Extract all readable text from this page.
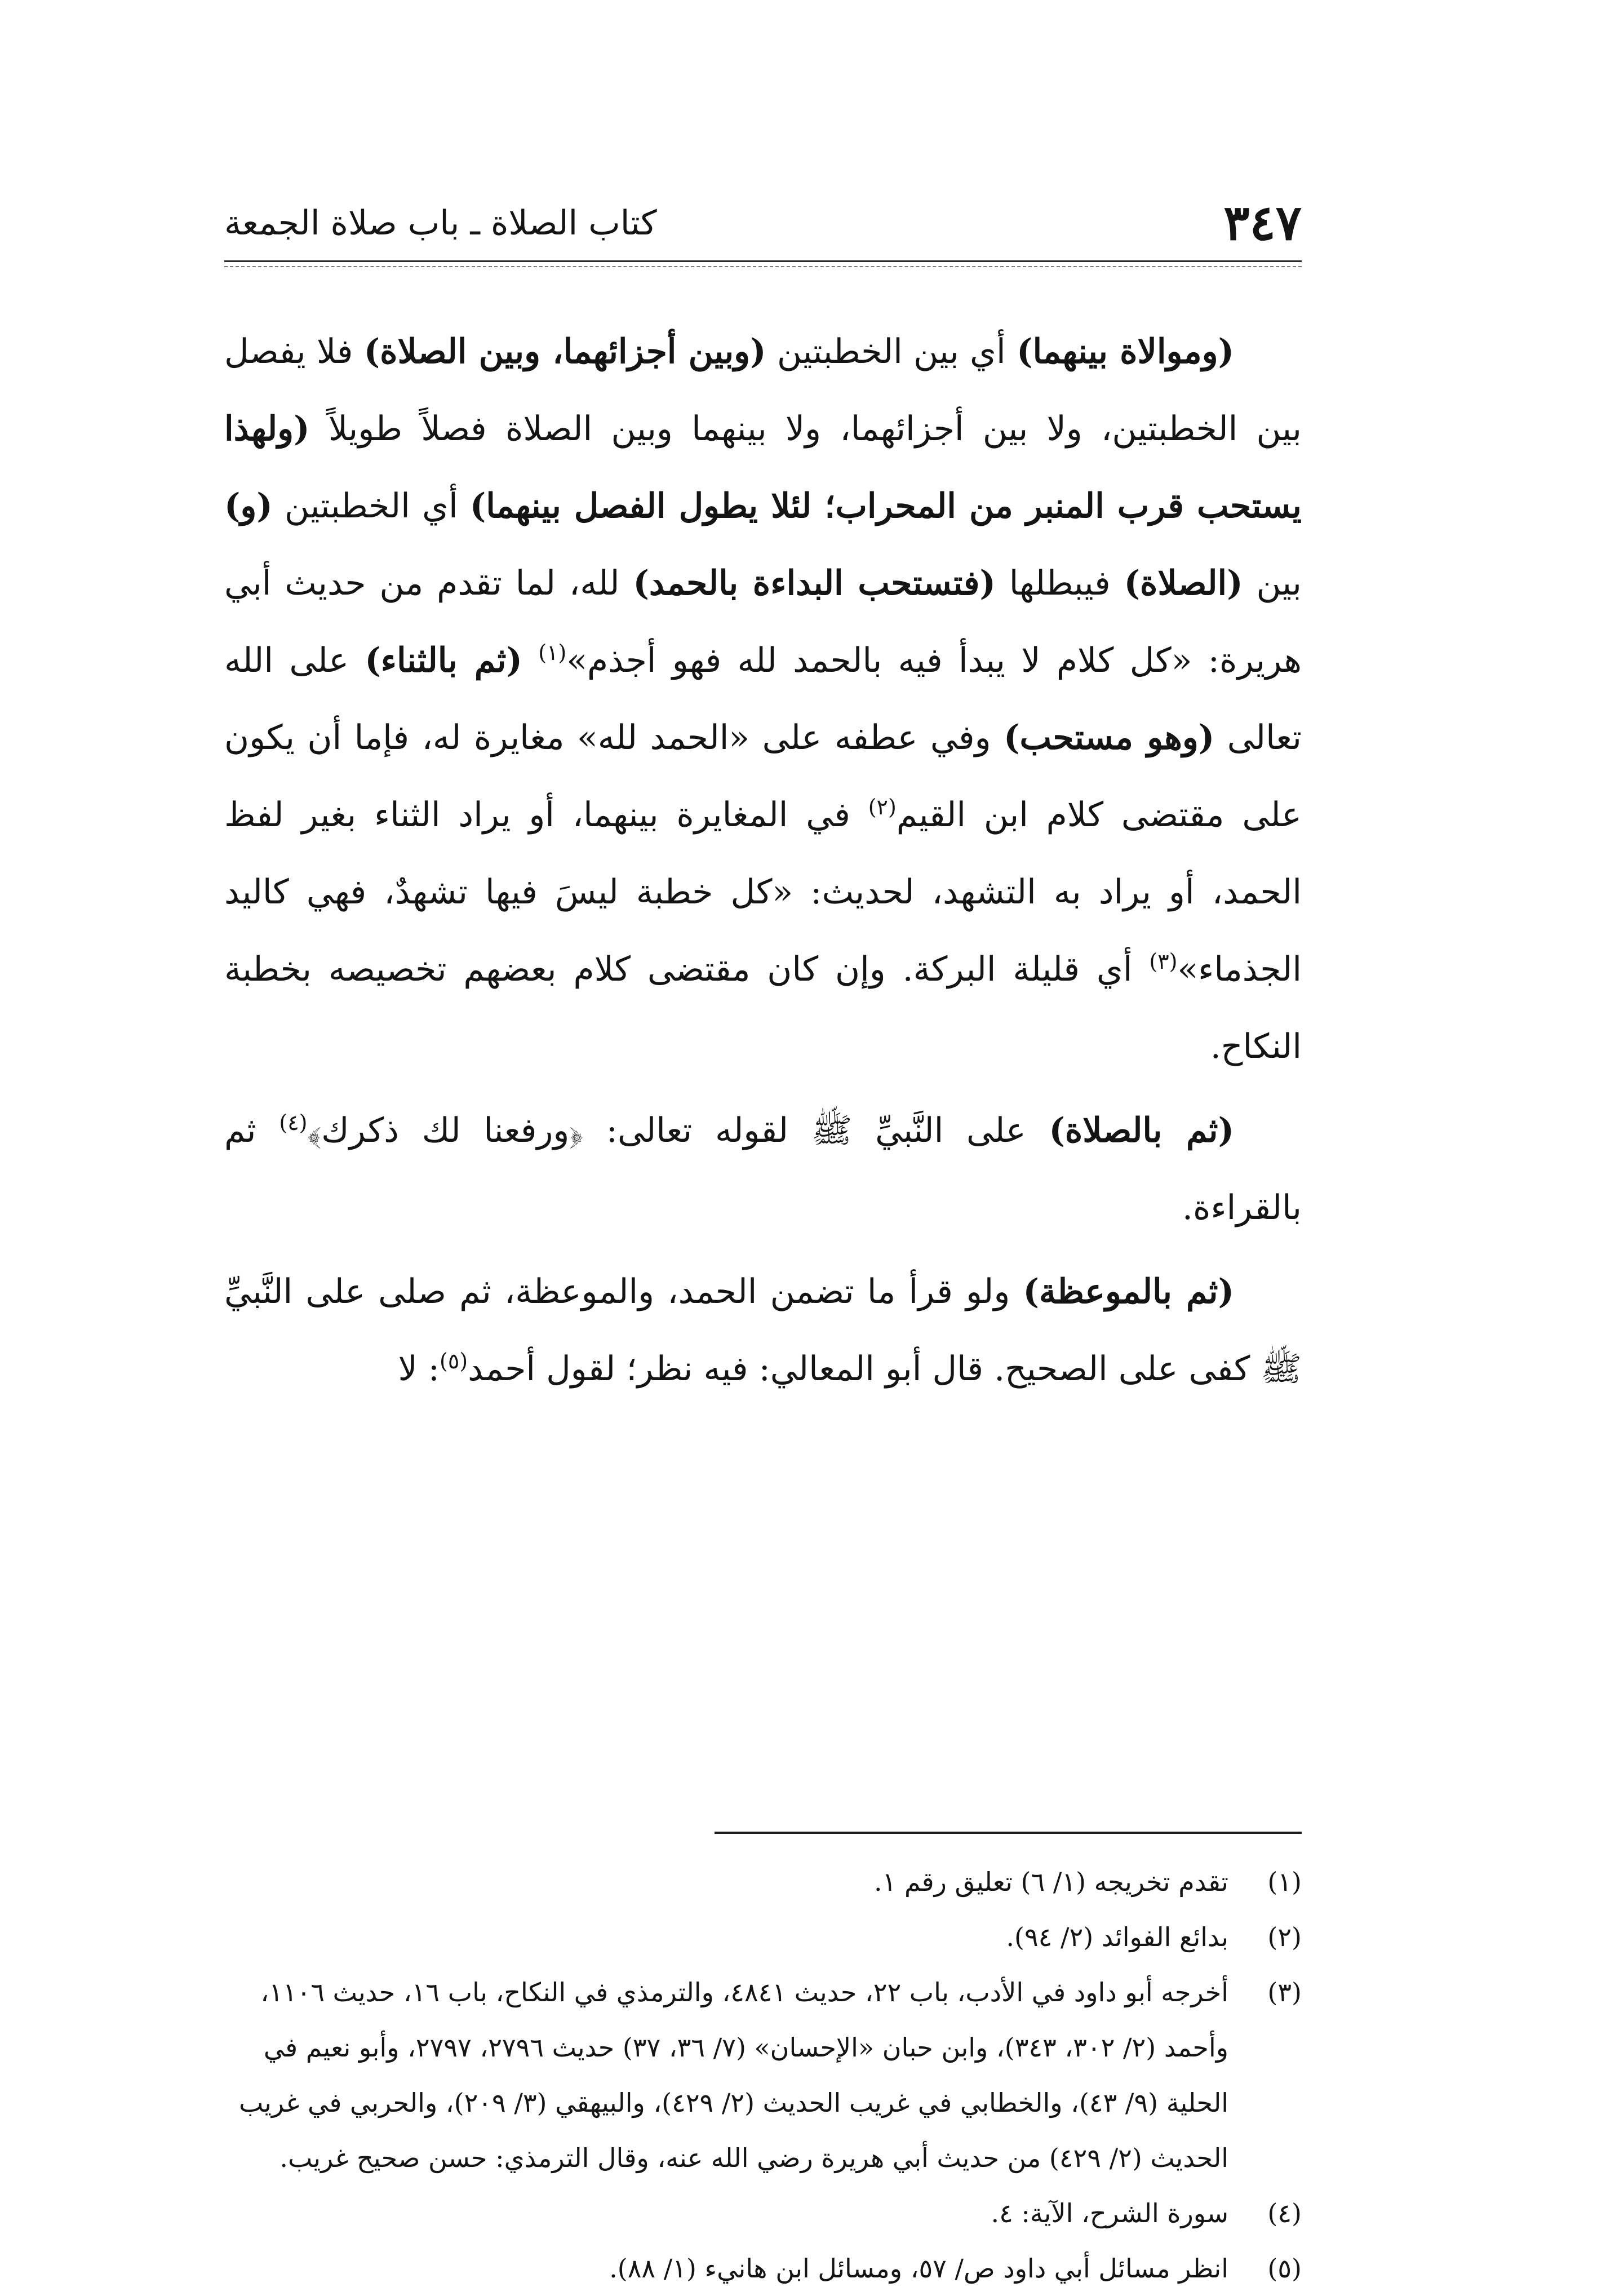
٣٤٧
كتاب الصلاة ـ باب صلاة الجمعة

(وموالاة بينهما) أي بين الخطبتين (وبين أجزائهما، وبين الصلاة) فلا يفصل بين الخطبتين، ولا بين أجزائهما، ولا بينهما وبين الصلاة فصلاً طويلاً (ولهذا يستحب قرب المنبر من المحراب؛ لئلا يطول الفصل بينهما) أي الخطبتين (و) بين (الصلاة) فيبطلها (فتستحب البداءة بالحمد) لله، لما تقدم من حديث أبي هريرة: «كل كلام لا يبدأ فيه بالحمد لله فهو أجذم»$^{(١)}$ (ثم بالثناء) على الله تعالى (وهو مستحب) وفي عطفه على «الحمد لله» مغايرة له، فإما أن يكون على مقتضى كلام ابن القيم$^{(٢)}$ في المغايرة بينهما، أو يراد الثناء بغير لفظ الحمد، أو يراد به التشهد، لحديث: «كل خطبة ليسَ فيها تشهدٌ، فهي كاليد الجذماء»$^{(٣)}$ أي قليلة البركة. وإن كان مقتضى كلام بعضهم تخصيصه بخطبة النكاح.

(ثم بالصلاة) على النَّبيِّ ﷺ لقوله تعالى: ﴿ورفعنا لك ذكرك﴾$^{(٤)}$ ثم بالقراءة.

(ثم بالموعظة) ولو قرأ ما تضمن الحمد، والموعظة، ثم صلى على النَّبيِّ ﷺ كفى على الصحيح. قال أبو المعالي: فيه نظر؛ لقول أحمد$^{(٥)}$: لا

(١)
تقدم تخريجه (١/ ٦) تعليق رقم ١.
(٢)
بدائع الفوائد (٢/ ٩٤).
(٣)
أخرجه أبو داود في الأدب، باب ٢٢، حديث ٤٨٤١، والترمذي في النكاح، باب ١٦، حديث ١١٠٦، وأحمد (٢/ ٣٠٢، ٣٤٣)، وابن حبان «الإحسان» (٧/ ٣٦، ٣٧) حديث ٢٧٩٦، ٢٧٩٧، وأبو نعيم في الحلية (٩/ ٤٣)، والخطابي في غريب الحديث (٢/ ٤٢٩)، والبيهقي (٣/ ٢٠٩)، والحربي في غريب الحديث (٢/ ٤٢٩) من حديث أبي هريرة رضي الله عنه، وقال الترمذي: حسن صحيح غريب.
(٤)
سورة الشرح، الآية: ٤.
(٥)
انظر مسائل أبي داود ص/ ٥٧، ومسائل ابن هانيء (١/ ٨٨).
